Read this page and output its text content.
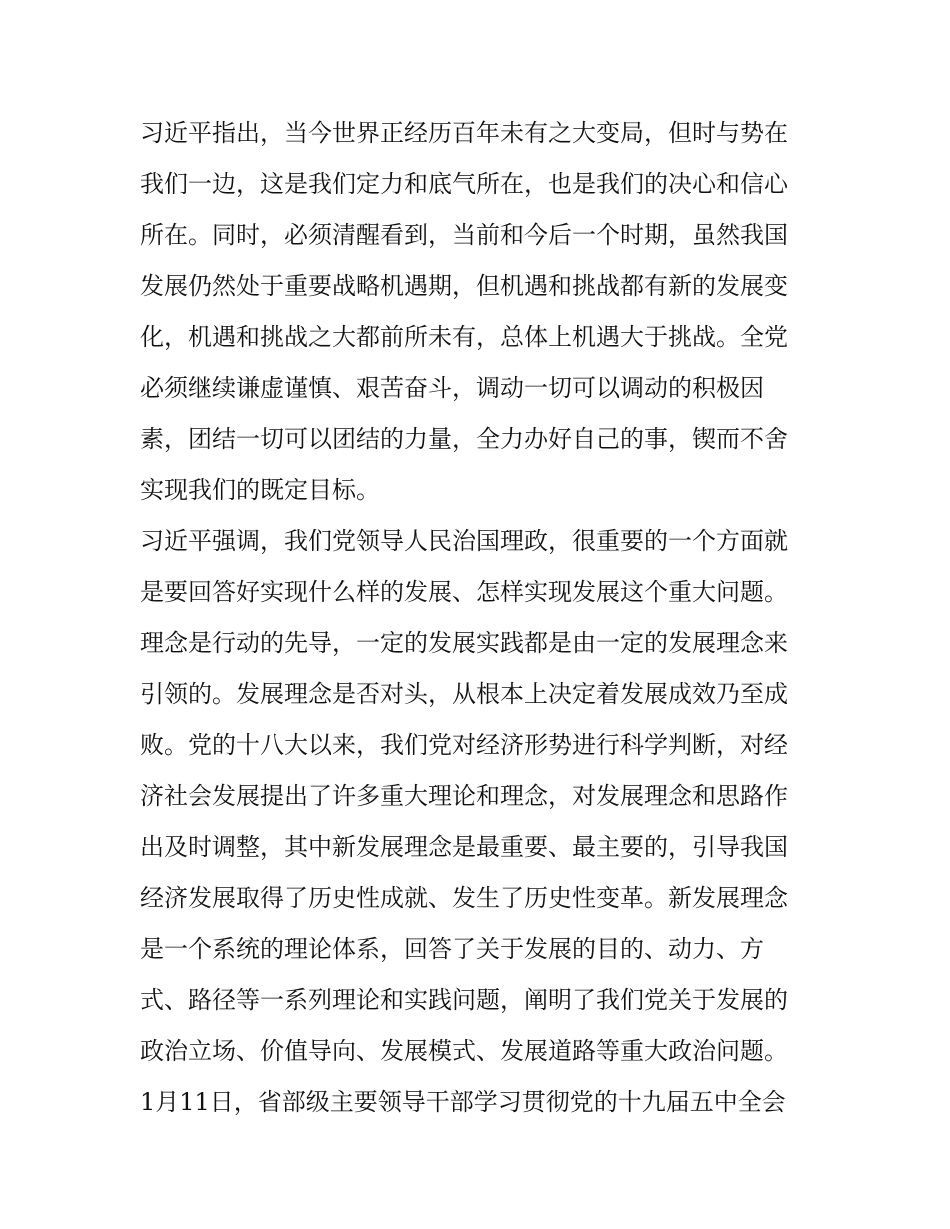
习近平指出，当今世界正经历百年未有之大变局，但时与势在
我们一边，这是我们定力和底气所在，也是我们的决心和信心
所在。同时，必须清醒看到，当前和今后一个时期，虽然我国
发展仍然处于重要战略机遇期，但机遇和挑战都有新的发展变
化，机遇和挑战之大都前所未有，总体上机遇大于挑战。全党
必须继续谦虚谨慎、艰苦奋斗，调动一切可以调动的积极因
素，团结一切可以团结的力量，全力办好自己的事，锲而不舍
实现我们的既定目标。
习近平强调，我们党领导人民治国理政，很重要的一个方面就
是要回答好实现什么样的发展、怎样实现发展这个重大问题。
理念是行动的先导，一定的发展实践都是由一定的发展理念来
引领的。发展理念是否对头，从根本上决定着发展成效乃至成
败。党的十八大以来，我们党对经济形势进行科学判断，对经
济社会发展提出了许多重大理论和理念，对发展理念和思路作
出及时调整，其中新发展理念是最重要、最主要的，引导我国
经济发展取得了历史性成就、发生了历史性变革。新发展理念
是一个系统的理论体系，回答了关于发展的目的、动力、方
式、路径等一系列理论和实践问题，阐明了我们党关于发展的
政治立场、价值导向、发展模式、发展道路等重大政治问题。
1月11日，省部级主要领导干部学习贯彻党的十九届五中全会
